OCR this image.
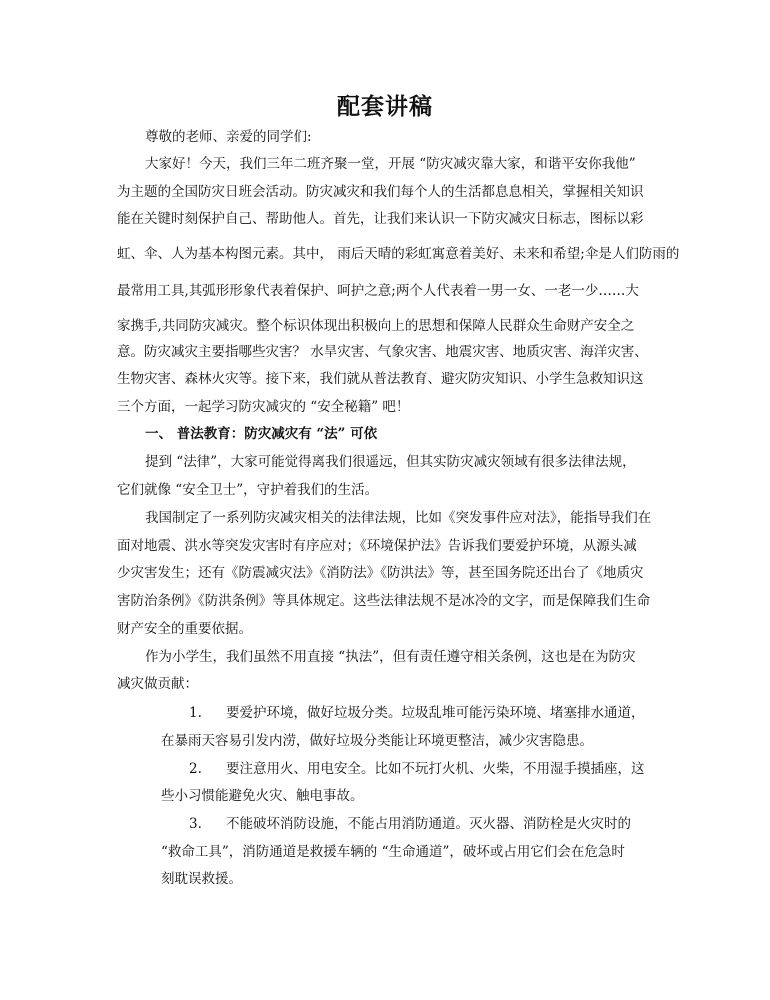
配套讲稿
尊敬的老师、亲爱的同学们:
大家好！今天，我们三年二班齐聚一堂，开展 “防灾减灾靠大家，和谐平安你我他”
为主题的全国防灾日班会活动。防灾减灾和我们每个人的生活都息息相关，掌握相关知识
能在关键时刻保护自己、帮助他人。首先，让我们来认识一下防灾减灾日标志，图标以彩
虹、伞、人为基本构图元素。其中， 雨后天晴的彩虹寓意着美好、未来和希望;伞是人们防雨的
最常用工具,其弧形形象代表着保护、呵护之意;两个人代表着一男一女、一老一少……大
家携手,共同防灾减灾。整个标识体现出积极向上的思想和保障人民群众生命财产安全之
意。防灾减灾主要指哪些灾害？ 水旱灾害、气象灾害、地震灾害、地质灾害、海洋灾害、
生物灾害、森林火灾等。接下来，我们就从普法教育、避灾防灾知识、小学生急救知识这
三个方面，一起学习防灾减灾的 “安全秘籍” 吧！
一、 普法教育：防灾减灾有 “法” 可依
提到 “法律”，大家可能觉得离我们很遥远，但其实防灾减灾领域有很多法律法规，
它们就像 “安全卫士”，守护着我们的生活。
我国制定了一系列防灾减灾相关的法律法规，比如《突发事件应对法》，能指导我们在
面对地震、洪水等突发灾害时有序应对；《环境保护法》告诉我们要爱护环境，从源头减
少灾害发生；还有《防震减灾法》《消防法》《防洪法》等，甚至国务院还出台了《地质灾
害防治条例》《防洪条例》等具体规定。这些法律法规不是冰冷的文字，而是保障我们生命
财产安全的重要依据。
作为小学生，我们虽然不用直接 “执法”，但有责任遵守相关条例，这也是在为防灾
减灾做贡献：
1. 要爱护环境，做好垃圾分类。垃圾乱堆可能污染环境、堵塞排水通道，
在暴雨天容易引发内涝，做好垃圾分类能让环境更整洁，减少灾害隐患。
2. 要注意用火、用电安全。比如不玩打火机、火柴，不用湿手摸插座，这
些小习惯能避免火灾、触电事故。
3. 不能破坏消防设施，不能占用消防通道。灭火器、消防栓是火灾时的
“救命工具”，消防通道是救援车辆的 “生命通道”，破坏或占用它们会在危急时
刻耽误救援。
